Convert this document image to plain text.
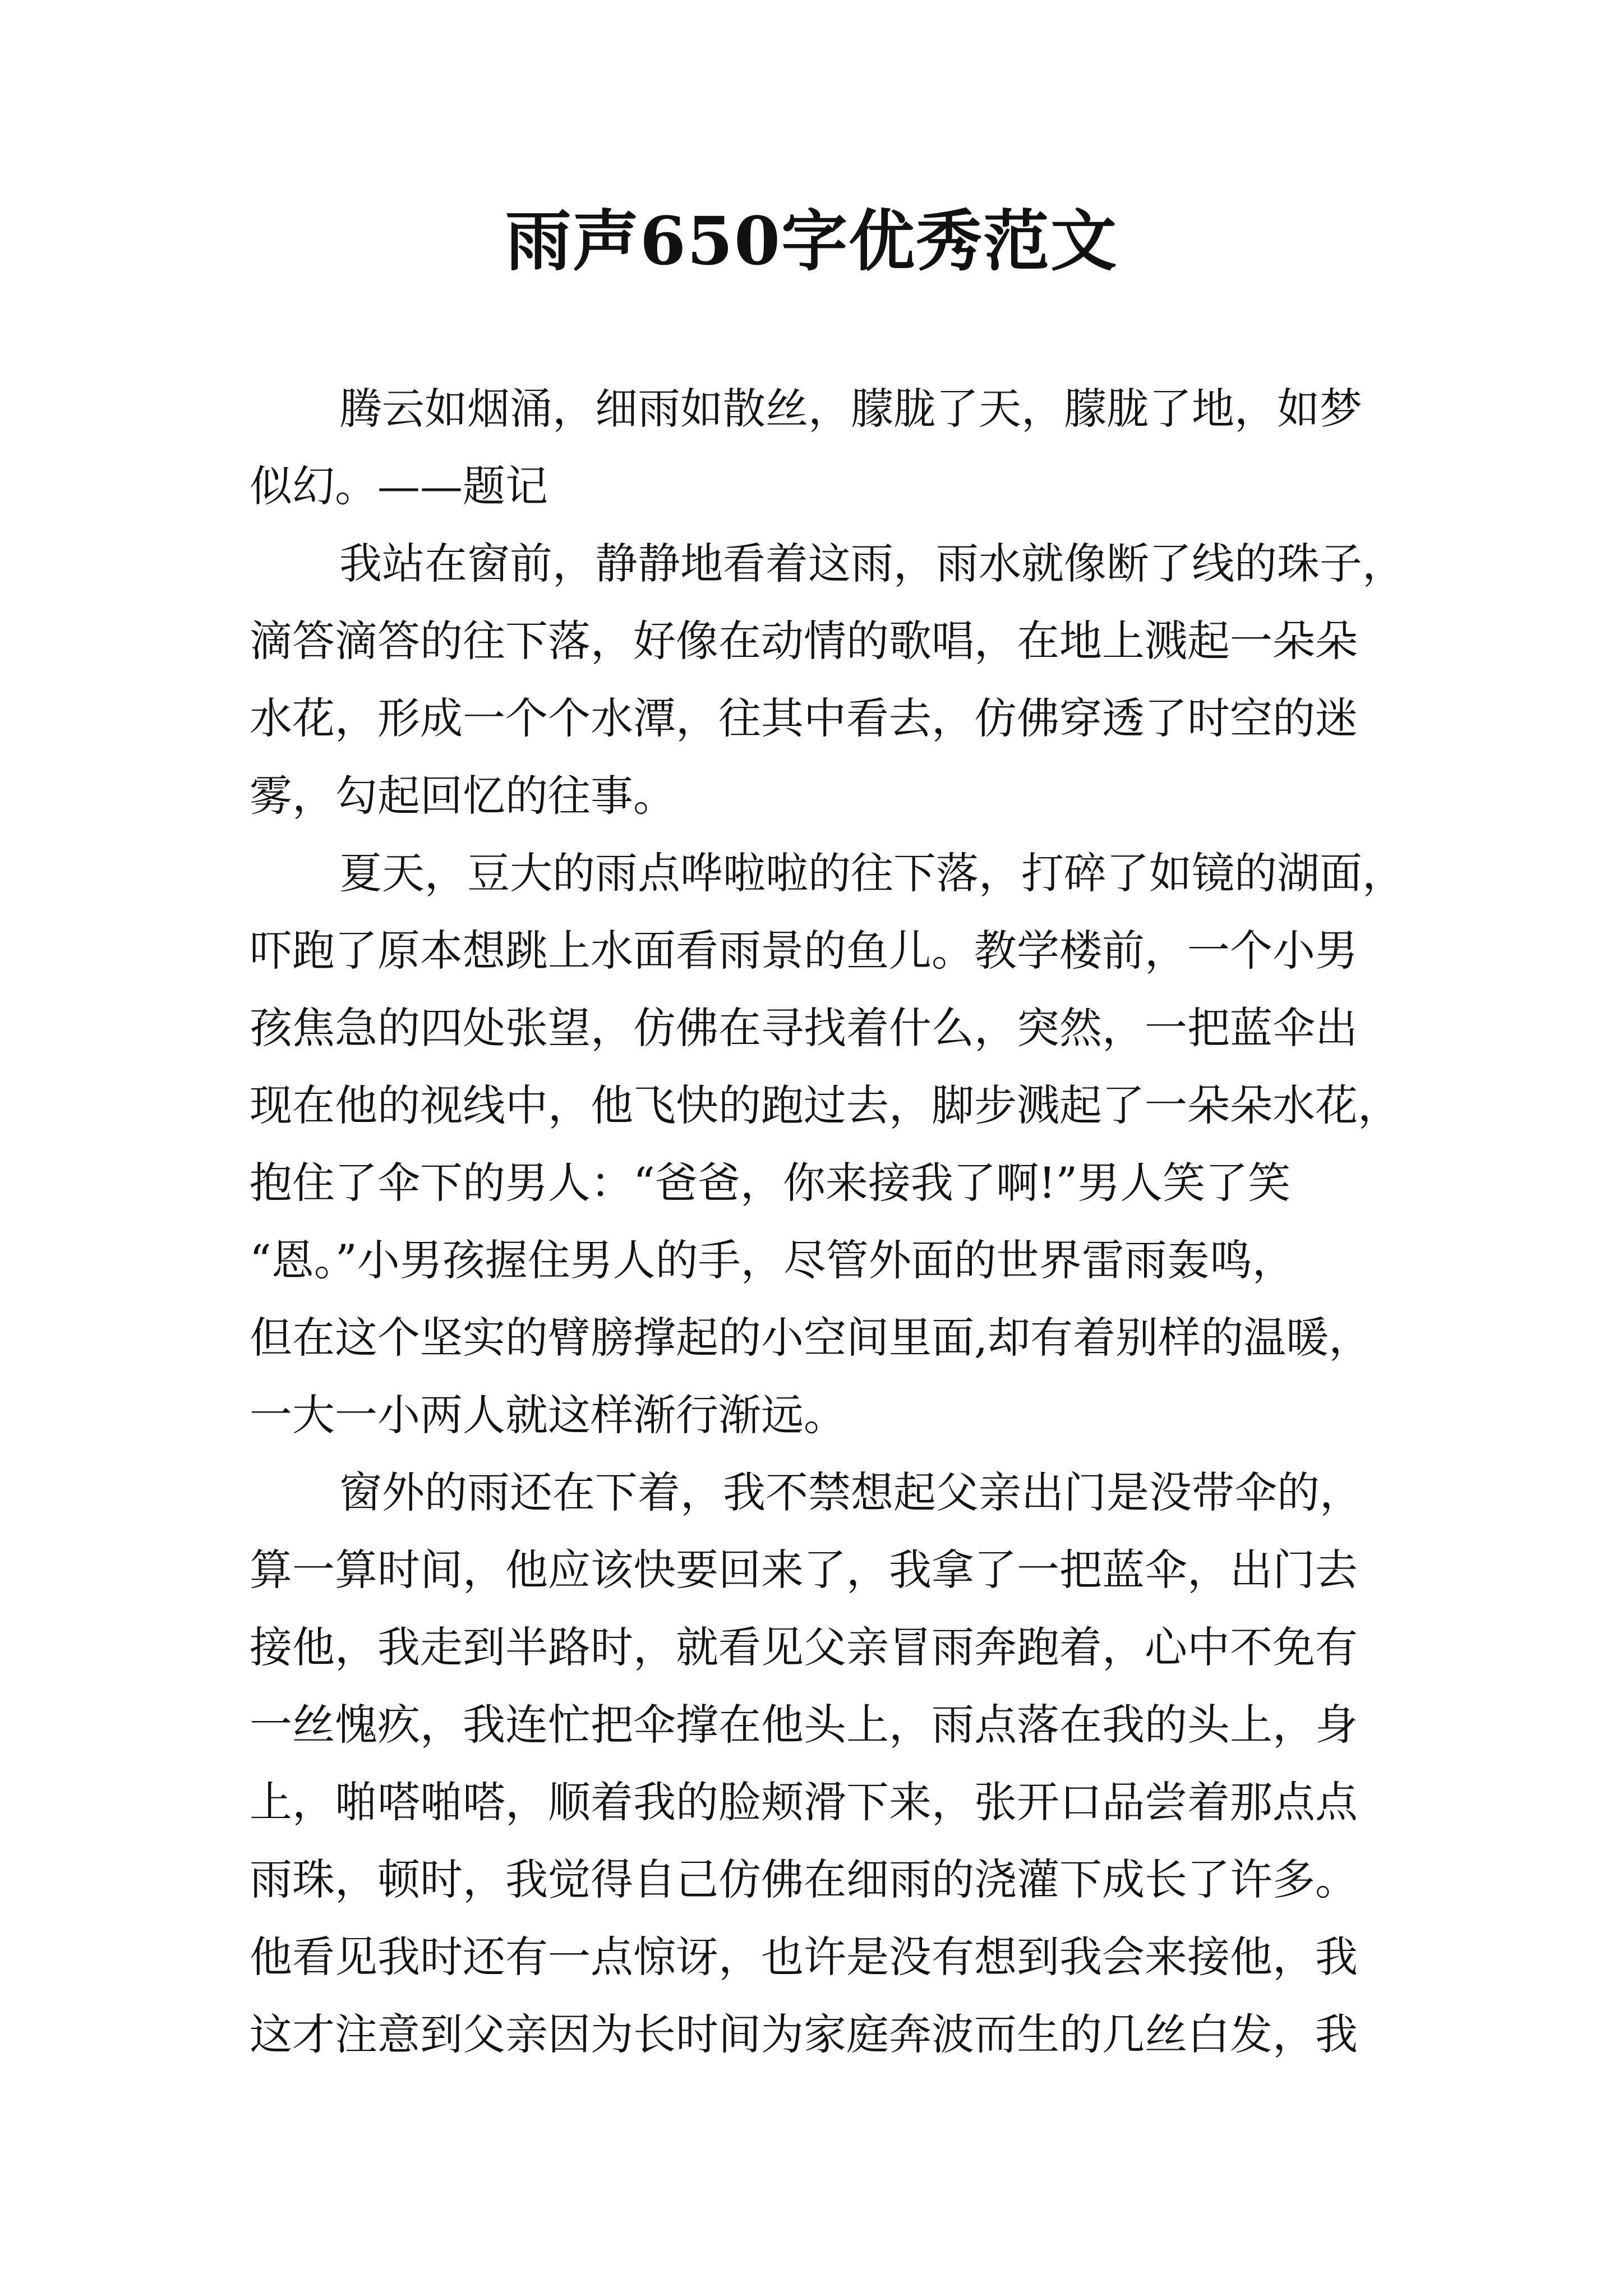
雨声650字优秀范文

腾云如烟涌，细雨如散丝，朦胧了天，朦胧了地，如梦
似幻。——题记

我站在窗前，静静地看着这雨，雨水就像断了线的珠子，
滴答滴答的往下落，好像在动情的歌唱，在地上溅起一朵朵
水花，形成一个个水潭，往其中看去，仿佛穿透了时空的迷
雾，勾起回忆的往事。

夏天，豆大的雨点哗啦啦的往下落，打碎了如镜的湖面，
吓跑了原本想跳上水面看雨景的鱼儿。教学楼前，一个小男
孩焦急的四处张望，仿佛在寻找着什么，突然，一把蓝伞出
现在他的视线中，他飞快的跑过去，脚步溅起了一朵朵水花，
抱住了伞下的男人：“爸爸，你来接我了啊!”男人笑了笑
“恩。”小男孩握住男人的手，尽管外面的世界雷雨轰鸣，
但在这个坚实的臂膀撑起的小空间里面,却有着别样的温暖，
一大一小两人就这样渐行渐远。

窗外的雨还在下着，我不禁想起父亲出门是没带伞的，
算一算时间，他应该快要回来了，我拿了一把蓝伞，出门去
接他，我走到半路时，就看见父亲冒雨奔跑着，心中不免有
一丝愧疚，我连忙把伞撑在他头上，雨点落在我的头上，身
上，啪嗒啪嗒，顺着我的脸颊滑下来，张开口品尝着那点点
雨珠，顿时，我觉得自己仿佛在细雨的浇灌下成长了许多。
他看见我时还有一点惊讶，也许是没有想到我会来接他，我
这才注意到父亲因为长时间为家庭奔波而生的几丝白发，我
